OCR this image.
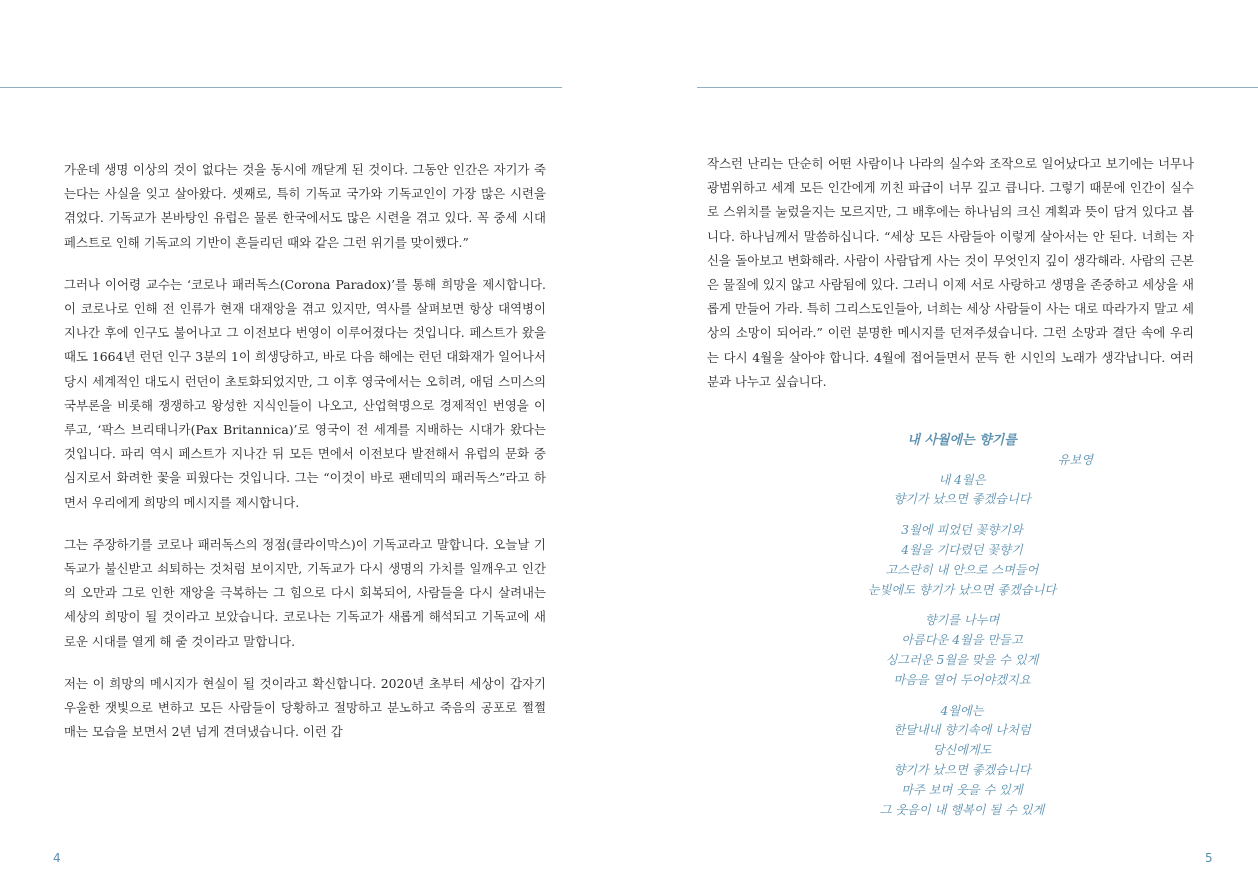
가운데 생명 이상의 것이 없다는 것을 동시에 깨닫게 된 것이다. 그동안 인간은 자기가 죽는다는 사실을 잊고 살아왔다. 셋째로, 특히 기독교 국가와 기독교인이 가장 많은 시련을 겪었다. 기독교가 본바탕인 유럽은 물론 한국에서도 많은 시련을 겪고 있다. 꼭 중세 시대 페스트로 인해 기독교의 기반이 흔들리던 때와 같은 그런 위기를 맞이했다.”

그러나 이어령 교수는 ‘코로나 패러독스(Corona Paradox)’를 통해 희망을 제시합니다. 이 코로나로 인해 전 인류가 현재 대재앙을 겪고 있지만, 역사를 살펴보면 항상 대역병이 지나간 후에 인구도 불어나고 그 이전보다 번영이 이루어졌다는 것입니다. 페스트가 왔을 때도 1664년 런던 인구 3분의 1이 희생당하고, 바로 다음 해에는 런던 대화재가 일어나서 당시 세계적인 대도시 런던이 초토화되었지만, 그 이후 영국에서는 오히려, 애덤 스미스의 국부론을 비롯해 쟁쟁하고 왕성한 지식인들이 나오고, 산업혁명으로 경제적인 번영을 이루고, ‘팍스 브리태니카(Pax Britannica)’로 영국이 전 세계를 지배하는 시대가 왔다는 것입니다. 파리 역시 페스트가 지나간 뒤 모든 면에서 이전보다 발전해서 유럽의 문화 중심지로서 화려한 꽃을 피웠다는 것입니다. 그는 “이것이 바로 팬데믹의 패러독스”라고 하면서 우리에게 희망의 메시지를 제시합니다.

그는 주장하기를 코로나 패러독스의 정점(클라이막스)이 기독교라고 말합니다. 오늘날 기독교가 불신받고 쇠퇴하는 것처럼 보이지만, 기독교가 다시 생명의 가치를 일깨우고 인간의 오만과 그로 인한 재앙을 극복하는 그 힘으로 다시 회복되어, 사람들을 다시 살려내는 세상의 희망이 될 것이라고 보았습니다. 코로나는 기독교가 새롭게 해석되고 기독교에 새로운 시대를 열게 해 줄 것이라고 말합니다.

저는 이 희망의 메시지가 현실이 될 것이라고 확신합니다. 2020년 초부터 세상이 갑자기 우울한 잿빛으로 변하고 모든 사람들이 당황하고 절망하고 분노하고 죽음의 공포로 쩔쩔 매는 모습을 보면서 2년 넘게 견뎌냈습니다. 이런 갑

4

작스런 난리는 단순히 어떤 사람이나 나라의 실수와 조작으로 일어났다고 보기에는 너무나 광범위하고 세계 모든 인간에게 끼친 파급이 너무 깊고 큽니다. 그렇기 때문에 인간이 실수로 스위치를 눌렀을지는 모르지만, 그 배후에는 하나님의 크신 계획과 뜻이 담겨 있다고 봅니다. 하나님께서 말씀하십니다. “세상 모든 사람들아 이렇게 살아서는 안 된다. 너희는 자신을 돌아보고 변화해라. 사람이 사람답게 사는 것이 무엇인지 깊이 생각해라. 사람의 근본은 물질에 있지 않고 사람됨에 있다. 그러니 이제 서로 사랑하고 생명을 존중하고 세상을 새롭게 만들어 가라. 특히 그리스도인들아, 너희는 세상 사람들이 사는 대로 따라가지 말고 세상의 소망이 되어라.” 이런 분명한 메시지를 던져주셨습니다. 그런 소망과 결단 속에 우리는 다시 4월을 살아야 합니다. 4월에 접어들면서 문득 한 시인의 노래가 생각납니다. 여러분과 나누고 싶습니다.

내 사월에는 향기를

유보영

내 4월은
향기가 났으면 좋겠습니다
3월에 피었던 꽃향기와
4월을 기다렸던 꽃향기
고스란히 내 안으로 스며들어
눈빛에도 향기가 났으면 좋겠습니다
향기를 나누며
아름다운 4월을 만들고
싱그러운 5월을 맞을 수 있게
마음을 열어 두어야겠지요
4월에는
한달내내 향기속에 나처럼
당신에게도
향기가 났으면 좋겠습니다
마주 보며 웃을 수 있게
그 웃음이 내 행복이 될 수 있게
5
